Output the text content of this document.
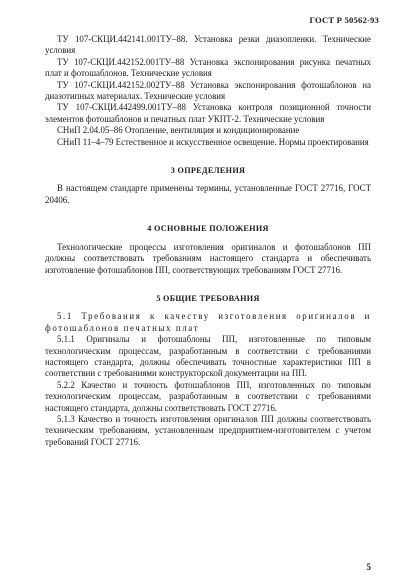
ГОСТ Р 50562-93

ТУ 107-СКЦИ.442141.001ТУ–88. Установка резки диазопленки. Технические условия

ТУ 107-СКЦИ.442152.001ТУ–88 Установка экспонирования рисунка печатных плат и фотошаблонов. Технические условия

ТУ 107-СКЦИ.442152.002ТУ–88 Установка экспонирования фотошаблонов на диазотипных материалах. Технические условия

ТУ 107-СКЦИ.442499.001ТУ–88 Установка контроля позиционной точности элементов фотошаблонов и печатных плат УКПТ-2. Технические условия

СНиП 2.04.05–86 Отопление, вентиляция и кондиционирование

СНиП 11–4–79 Естественное и искусственное освещение. Нормы проектирования

3 ОПРЕДЕЛЕНИЯ

В настоящем стандарте применены термины, установленные ГОСТ 27716, ГОСТ 20406.

4 ОСНОВНЫЕ ПОЛОЖЕНИЯ

Технологические процессы изготовления оригиналов и фотошаблонов ПП должны соответствовать требованиям настоящего стандарта и обеспечивать изготовление фотошаблонов ПП, соответствующих требованиям ГОСТ 27716.

5 ОБЩИЕ ТРЕБОВАНИЯ

5.1 Требования к качеству изготовления оригиналов и фотошаблонов печатных плат

5.1.1 Оригиналы и фотошаблоны ПП, изготовленные по типовым технологическим процессам, разработанным в соответствии с требованиями настоящего стандарта, должны обеспечивать точностные характеристики ПП в соответствии с требованиями конструкторской документации на ПП.

5.2.2 Качество и точность фотошаблонов ПП, изготовленных по типовым технологическим процессам, разработанным в соответствии с требованиями настоящего стандарта, должны соответствовать ГОСТ 27716.

5.1.3 Качество и точность изготовления оригиналов ПП должны соответствовать техническим требованиям, установленным предприятием-изготовителем с учетом требований ГОСТ 27716.

5
